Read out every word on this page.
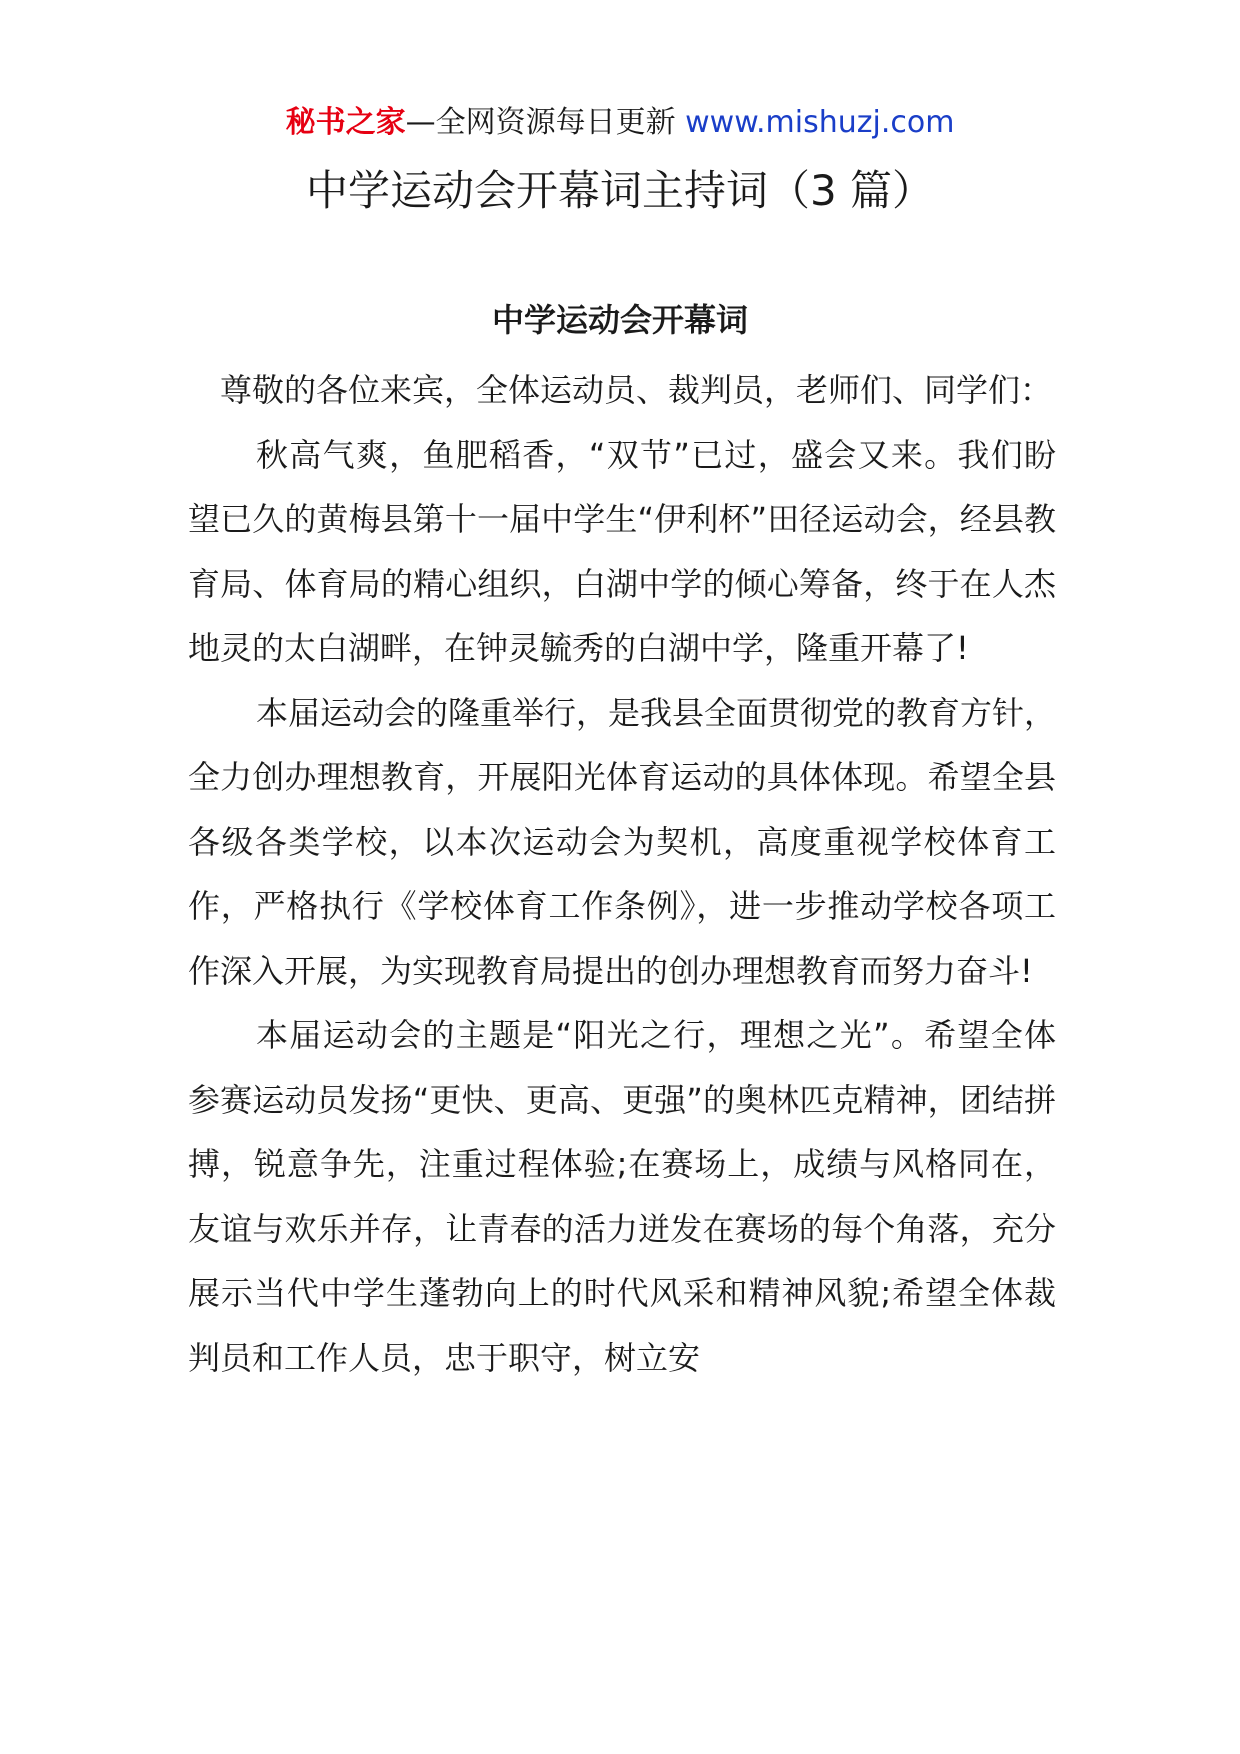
秘书之家—全网资源每日更新 www.mishuzj.com
中学运动会开幕词主持词（3 篇）
中学运动会开幕词

尊敬的各位来宾，全体运动员、裁判员，老师们、同学们：

秋高气爽，鱼肥稻香，“双节”已过，盛会又来。我们盼望已久的黄梅县第十一届中学生“伊利杯”田径运动会，经县教育局、体育局的精心组织，白湖中学的倾心筹备，终于在人杰地灵的太白湖畔，在钟灵毓秀的白湖中学，隆重开幕了!

本届运动会的隆重举行，是我县全面贯彻党的教育方针，全力创办理想教育，开展阳光体育运动的具体体现。希望全县各级各类学校，以本次运动会为契机，高度重视学校体育工作，严格执行《学校体育工作条例》，进一步推动学校各项工作深入开展，为实现教育局提出的创办理想教育而努力奋斗!

本届运动会的主题是“阳光之行，理想之光”。希望全体参赛运动员发扬“更快、更高、更强”的奥林匹克精神，团结拼搏，锐意争先，注重过程体验;在赛场上，成绩与风格同在，友谊与欢乐并存，让青春的活力迸发在赛场的每个角落，充分展示当代中学生蓬勃向上的时代风采和精神风貌;希望全体裁判员和工作人员，忠于职守，树立安
